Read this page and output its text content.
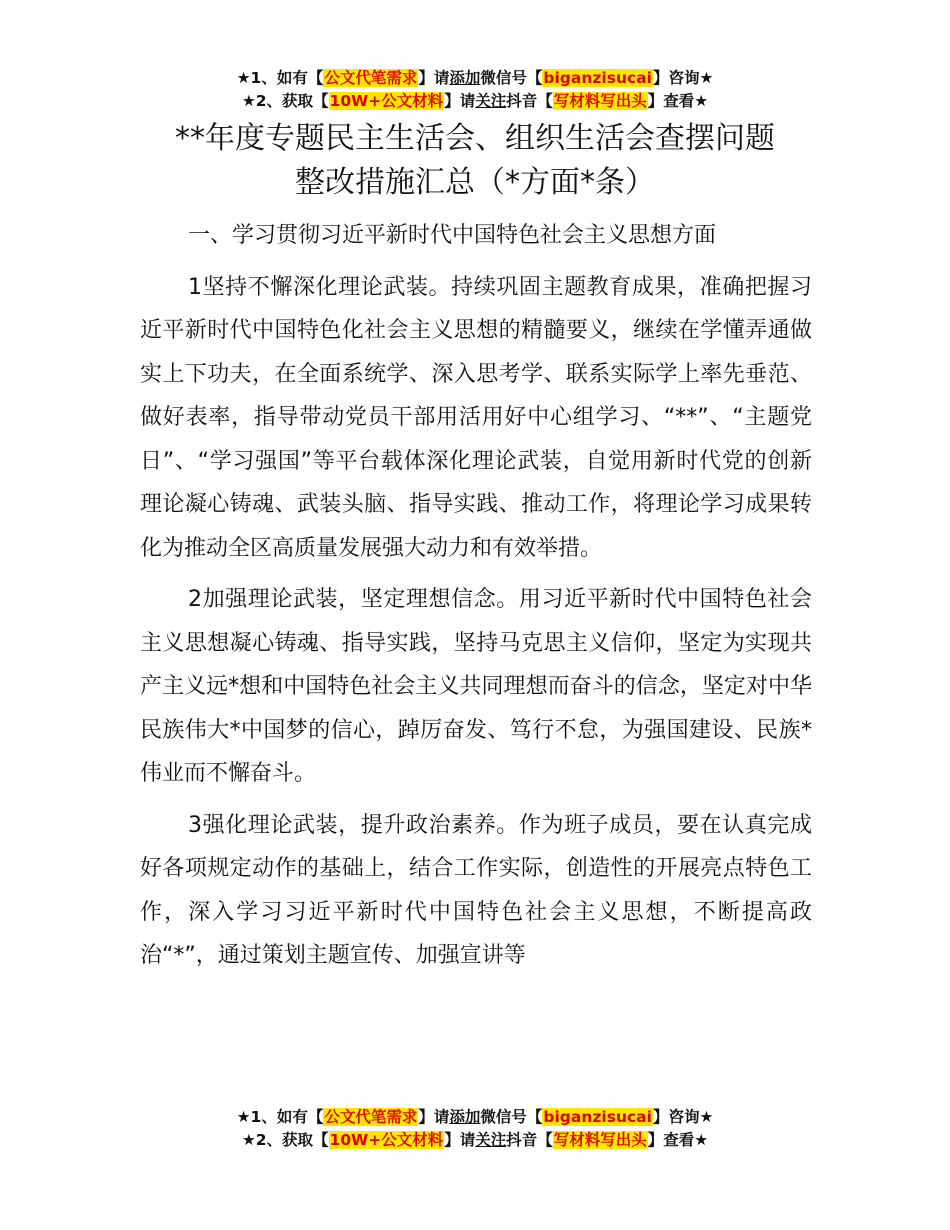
★1、如有【公文代笔需求】请添加微信号【biganzisucai】咨询★
★2、获取【10W+公文材料】请关注抖音【写材料写出头】查看★
**年度专题民主生活会、组织生活会查摆问题
整改措施汇总（*方面*条）

一、学习贯彻习近平新时代中国特色社会主义思想方面

1坚持不懈深化理论武装。持续巩固主题教育成果，准确把握习近平新时代中国特色化社会主义思想的精髓要义，继续在学懂弄通做实上下功夫，在全面系统学、深入思考学、联系实际学上率先垂范、做好表率，指导带动党员干部用活用好中心组学习、“**”、“主题党日”、“学习强国”等平台载体深化理论武装，自觉用新时代党的创新理论凝心铸魂、武装头脑、指导实践、推动工作，将理论学习成果转化为推动全区高质量发展强大动力和有效举措。

2加强理论武装，坚定理想信念。用习近平新时代中国特色社会主义思想凝心铸魂、指导实践，坚持马克思主义信仰，坚定为实现共产主义远*想和中国特色社会主义共同理想而奋斗的信念，坚定对中华民族伟大*中国梦的信心，踔厉奋发、笃行不怠，为强国建设、民族*伟业而不懈奋斗。

3强化理论武装，提升政治素养。作为班子成员，要在认真完成好各项规定动作的基础上，结合工作实际，创造性的开展亮点特色工作，深入学习习近平新时代中国特色社会主义思想，不断提高政治“*”，通过策划主题宣传、加强宣讲等

★1、如有【公文代笔需求】请添加微信号【biganzisucai】咨询★
★2、获取【10W+公文材料】请关注抖音【写材料写出头】查看★
